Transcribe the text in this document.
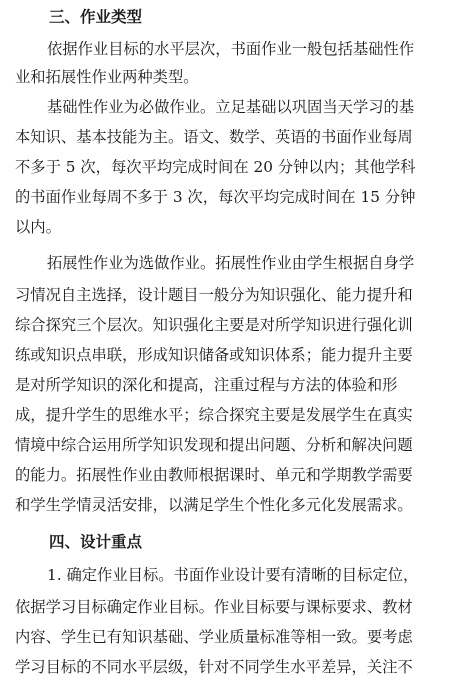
三、作业类型
依据作业目标的水平层次，书面作业一般包括基础性作
业和拓展性作业两种类型。
基础性作业为必做作业。立足基础以巩固当天学习的基
本知识、基本技能为主。语文、数学、英语的书面作业每周
不多于 5 次，每次平均完成时间在 20 分钟以内；其他学科
的书面作业每周不多于 3 次，每次平均完成时间在 15 分钟
以内。
拓展性作业为选做作业。拓展性作业由学生根据自身学
习情况自主选择，设计题目一般分为知识强化、能力提升和
综合探究三个层次。知识强化主要是对所学知识进行强化训
练或知识点串联，形成知识储备或知识体系；能力提升主要
是对所学知识的深化和提高，注重过程与方法的体验和形
成，提升学生的思维水平；综合探究主要是发展学生在真实
情境中综合运用所学知识发现和提出问题、分析和解决问题
的能力。拓展性作业由教师根据课时、单元和学期教学需要
和学生学情灵活安排，以满足学生个性化多元化发展需求。
四、设计重点
1. 确定作业目标。书面作业设计要有清晰的目标定位，
依据学习目标确定作业目标。作业目标要与课标要求、教材
内容、学生已有知识基础、学业质量标准等相一致。要考虑
学习目标的不同水平层级，针对不同学生水平差异，关注不
